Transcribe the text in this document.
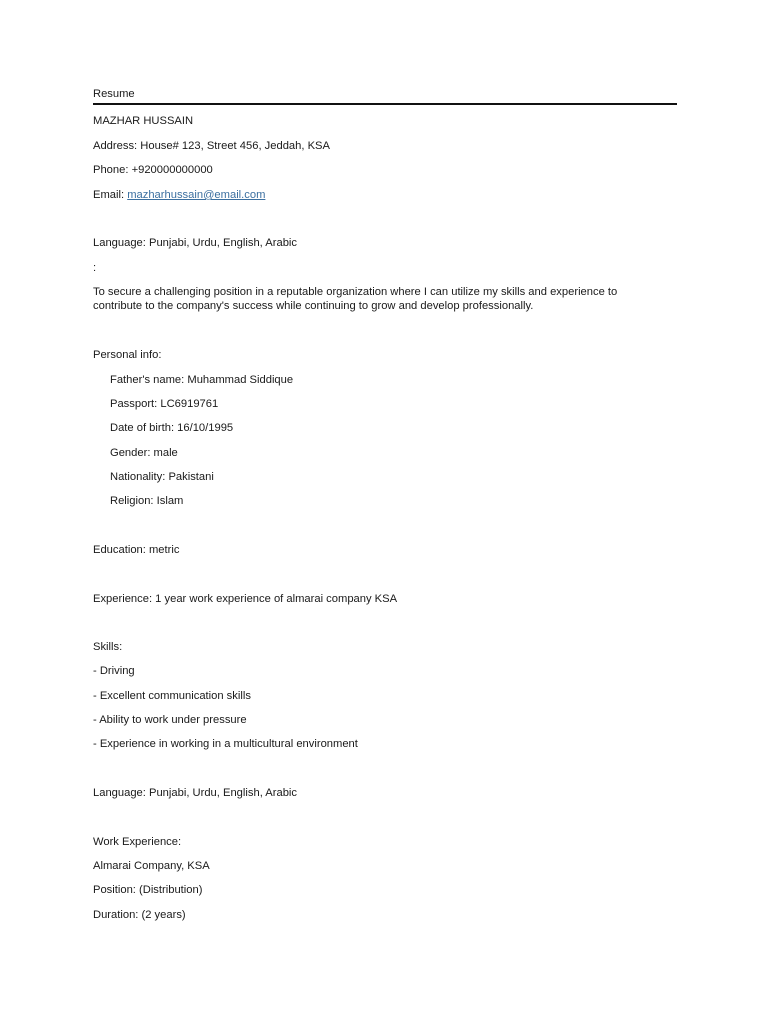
Resume
MAZHAR HUSSAIN
Address: House# 123, Street 456, Jeddah, KSA
Phone: +920000000000
Email: mazharhussain@email.com
Language: Punjabi, Urdu, English, Arabic
:
To secure a challenging position in a reputable organization where I can utilize my skills and experience to contribute to the company's success while continuing to grow and develop professionally.
Personal info:
Father's name: Muhammad Siddique
Passport: LC6919761
Date of birth: 16/10/1995
Gender: male
Nationality: Pakistani
Religion: Islam
Education: metric
Experience: 1 year work experience of almarai company KSA
Skills:
- Driving
- Excellent communication skills
- Ability to work under pressure
- Experience in working in a multicultural environment
Language: Punjabi, Urdu, English, Arabic
Work Experience:
Almarai Company, KSA
Position: (Distribution)
Duration: (2 years)
